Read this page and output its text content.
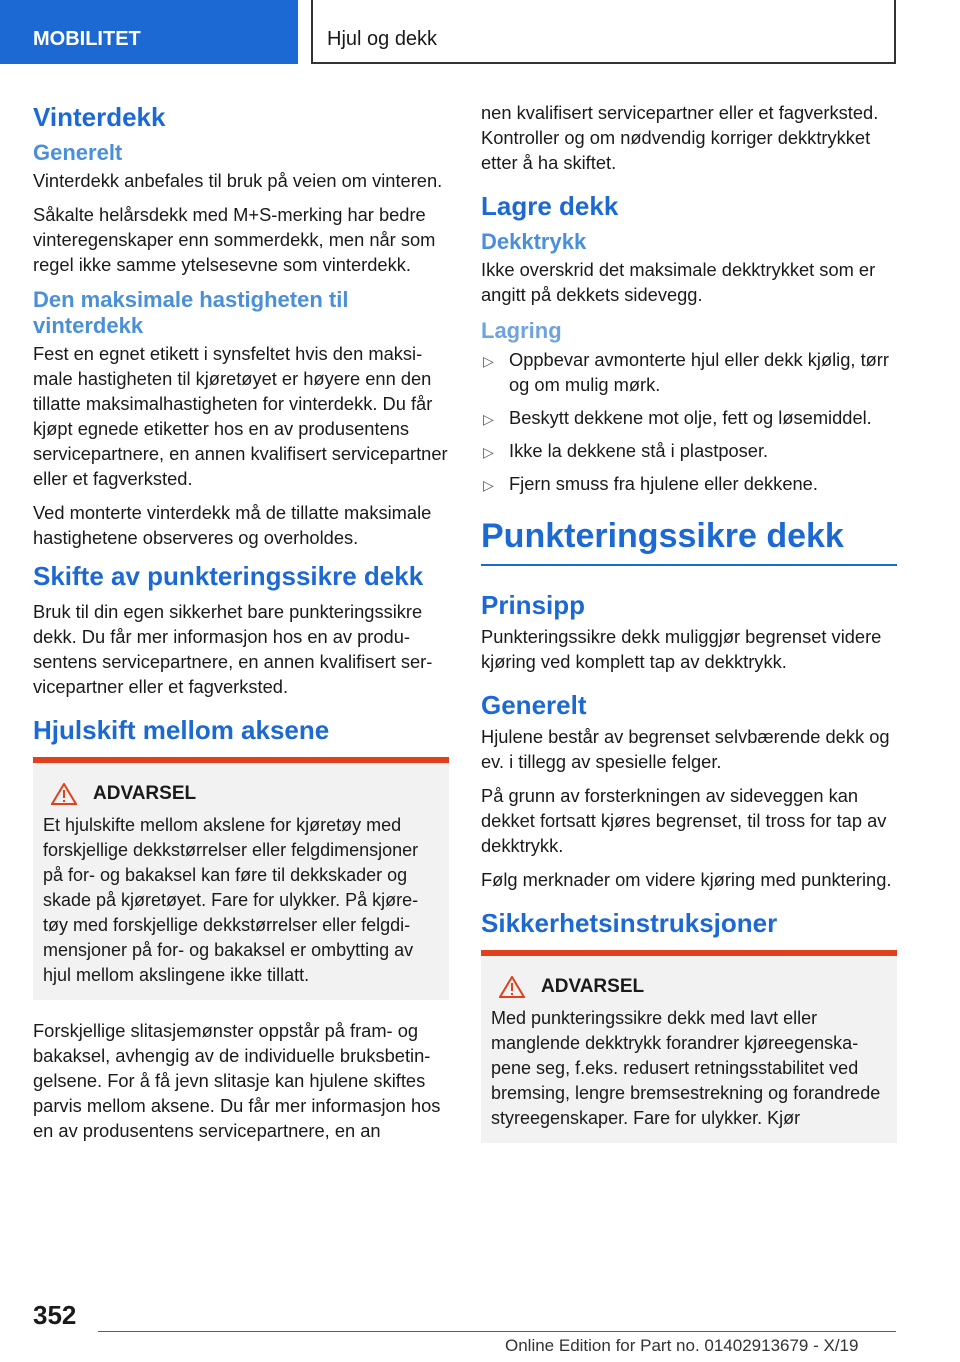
MOBILITET	Hjul og dekk
Vinterdekk
Generelt

Vinterdekk anbefales til bruk på veien om vinteren.

Såkalte helårsdekk med M+S-merking har bedre vinteregenskaper enn sommerdekk, men når som regel ikke samme ytelsesevne som vinterdekk.

Den maksimale hastigheten til vinterdekk

Fest en egnet etikett i synsfeltet hvis den maksimale hastigheten til kjøretøyet er høyere enn den tillatte maksimalhastigheten for vinterdekk. Du får kjøpt egnede etiketter hos en av produsentens servicepartnere, en annen kvalifisert servicepartner eller et fagverksted.

Ved monterte vinterdekk må de tillatte maksimale hastighetene observeres og overholdes.

Skifte av punkteringssikre dekk

Bruk til din egen sikkerhet bare punkteringssikre dekk. Du får mer informasjon hos en av produsentens servicepartnere, en annen kvalifisert servicepartner eller et fagverksted.

Hjulskift mellom aksene
ADVARSEL

Et hjulskifte mellom akslene for kjøretøy med forskjellige dekkstørrelser eller felgdimensjoner på for- og bakaksel kan føre til dekkskader og skade på kjøretøyet. Fare for ulykker. På kjøretøy med forskjellige dekkstørrelser eller felgdimensjoner på for- og bakaksel er ombytting av hjul mellom akslingene ikke tillatt.

Forskjellige slitasjemønster oppstår på fram- og bakaksel, avhengig av de individuelle bruksbetingelsene. For å få jevn slitasje kan hjulene skiftes parvis mellom aksene. Du får mer informasjon hos en av produsentens servicepartnere, en an

nen kvalifisert servicepartner eller et fagverksted. Kontroller og om nødvendig korriger dekktrykket etter å ha skiftet.

Lagre dekk
Dekktrykk

Ikke overskrid det maksimale dekktrykket som er angitt på dekkets sidevegg.

Lagring
▷ Oppbevar avmonterte hjul eller dekk kjølig, tørr og om mulig mørk.
▷ Beskytt dekkene mot olje, fett og løsemiddel.
▷ Ikke la dekkene stå i plastposer.
▷ Fjern smuss fra hjulene eller dekkene.
Punkteringssikre dekk
Prinsipp

Punkteringssikre dekk muliggjør begrenset videre kjøring ved komplett tap av dekktrykk.

Generelt

Hjulene består av begrenset selvbærende dekk og ev. i tillegg av spesielle felger.

På grunn av forsterkningen av sideveggen kan dekket fortsatt kjøres begrenset, til tross for tap av dekktrykk.

Følg merknader om videre kjøring med punktering.

Sikkerhetsinstruksjoner
ADVARSEL

Med punkteringssikre dekk med lavt eller manglende dekktrykk forandrer kjøreegenskapene seg, f.eks. redusert retningsstabilitet ved bremsing, lengre bremsestrekning og forandrede styreegenskaper. Fare for ulykker. Kjør

352
Online Edition for Part no. 01402913679 - X/19
